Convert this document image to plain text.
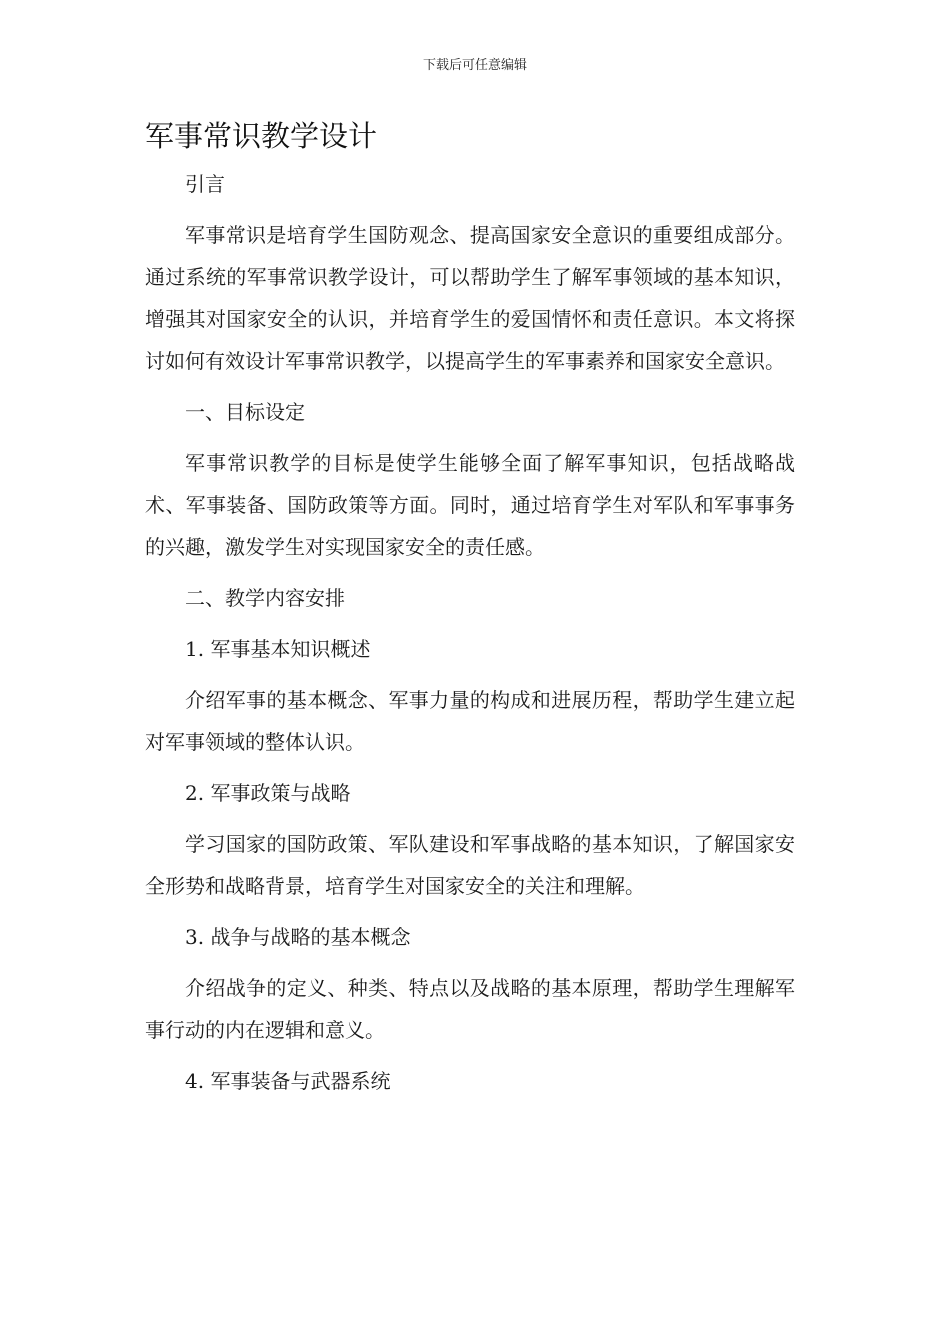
下载后可任意编辑
军事常识教学设计

引言

军事常识是培育学生国防观念、提高国家安全意识的重要组成部分。通过系统的军事常识教学设计，可以帮助学生了解军事领域的基本知识，增强其对国家安全的认识，并培育学生的爱国情怀和责任意识。本文将探讨如何有效设计军事常识教学，以提高学生的军事素养和国家安全意识。

一、目标设定

军事常识教学的目标是使学生能够全面了解军事知识，包括战略战术、军事装备、国防政策等方面。同时，通过培育学生对军队和军事事务的兴趣，激发学生对实现国家安全的责任感。

二、教学内容安排

1. 军事基本知识概述

介绍军事的基本概念、军事力量的构成和进展历程，帮助学生建立起对军事领域的整体认识。

2. 军事政策与战略

学习国家的国防政策、军队建设和军事战略的基本知识，了解国家安全形势和战略背景，培育学生对国家安全的关注和理解。

3. 战争与战略的基本概念

介绍战争的定义、种类、特点以及战略的基本原理，帮助学生理解军事行动的内在逻辑和意义。

4. 军事装备与武器系统
